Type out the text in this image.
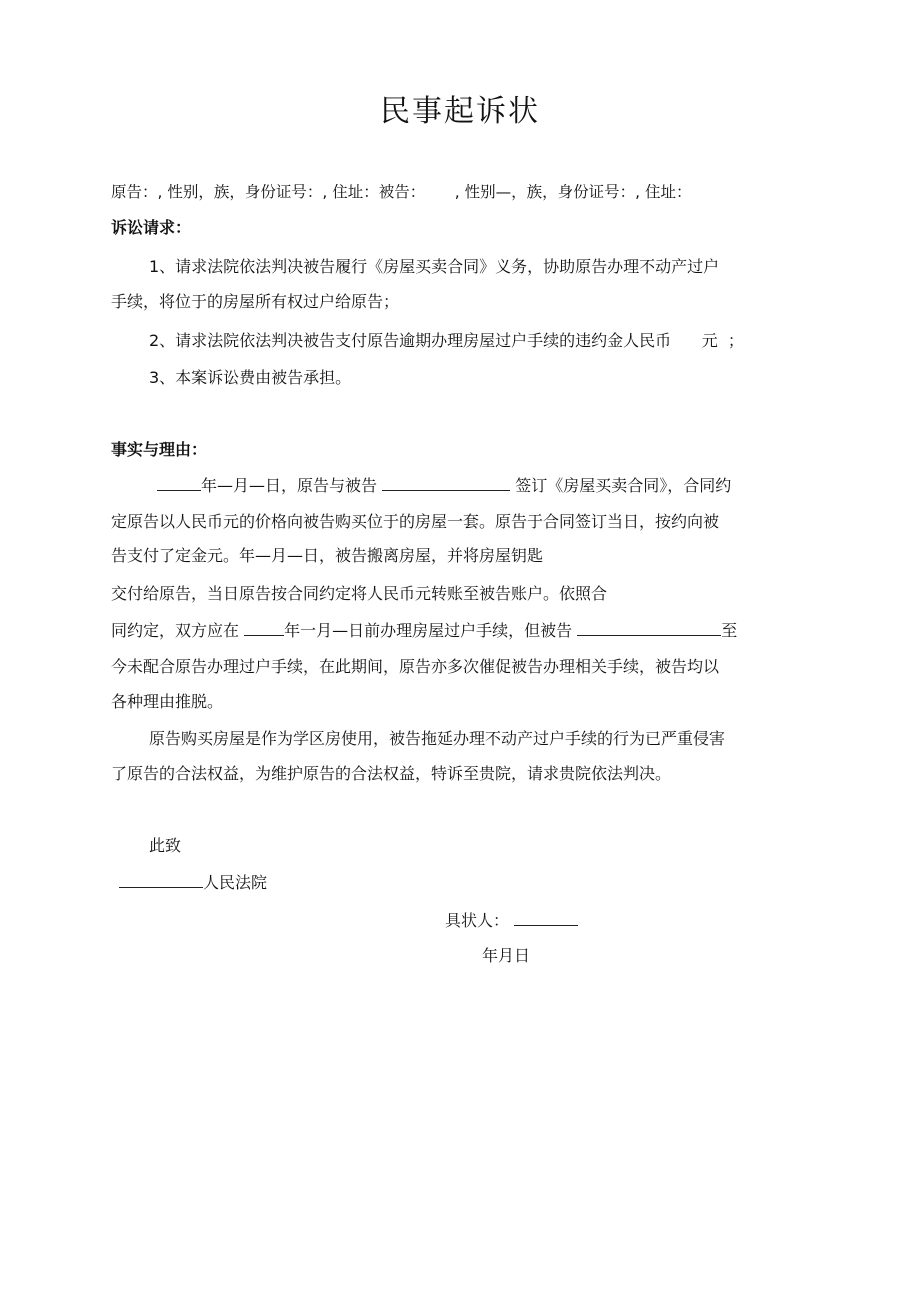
民事起诉状
原告：, 性别，族，身份证号：, 住址：被告：      , 性别—，族，身份证号：, 住址：
诉讼请求：
1、请求法院依法判决被告履行《房屋买卖合同》义务，协助原告办理不动产过户
手续，将位于的房屋所有权过户给原告；
2、请求法院依法判决被告支付原告逾期办理房屋过户手续的违约金人民币      元  ；
3、本案诉讼费由被告承担。
事实与理由：
年—月—日，原告与被告	签订《房屋买卖合同》，合同约
定原告以人民币元的价格向被告购买位于的房屋一套。原告于合同签订当日，按约向被
告支付了定金元。年—月—日，被告搬离房屋，并将房屋钥匙
交付给原告，当日原告按合同约定将人民币元转账至被告账户。依照合
同约定，双方应在	年一月—日前办理房屋过户手续，但被告	至
今未配合原告办理过户手续，在此期间，原告亦多次催促被告办理相关手续，被告均以
各种理由推脱。
原告购买房屋是作为学区房使用，被告拖延办理不动产过户手续的行为已严重侵害
了原告的合法权益，为维护原告的合法权益，特诉至贵院，请求贵院依法判决。
此致
人民法院
具状人：
年月日
